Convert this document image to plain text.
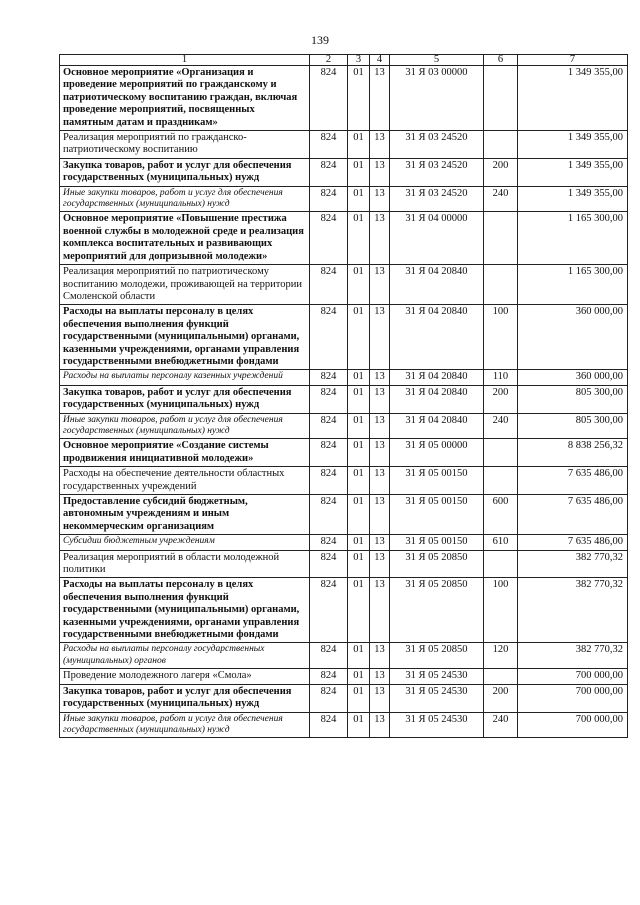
139
1	2	3	4	5	6	7
Основное мероприятие «Организация и проведение мероприятий по гражданскому и патриотическому воспитанию граждан, включая проведение мероприятий, посвященных памятным датам и праздникам»	824	01	13	31 Я 03 00000		1 349 355,00
Реализация мероприятий по гражданско-патриотическому воспитанию	824	01	13	31 Я 03 24520		1 349 355,00
Закупка товаров, работ и услуг для обеспечения государственных (муниципальных) нужд	824	01	13	31 Я 03 24520	200	1 349 355,00
Иные закупки товаров, работ и услуг для обеспечения государственных (муниципальных) нужд	824	01	13	31 Я 03 24520	240	1 349 355,00
Основное мероприятие «Повышение престижа военной службы в молодежной среде и реализация комплекса воспитательных и развивающих мероприятий для допризывной молодежи»	824	01	13	31 Я 04 00000		1 165 300,00
Реализация мероприятий по патриотическому воспитанию молодежи, проживающей на территории Смоленской области	824	01	13	31 Я 04 20840		1 165 300,00
Расходы на выплаты персоналу в целях обеспечения выполнения функций государственными (муниципальными) органами, казенными учреждениями, органами управления государственными внебюджетными фондами	824	01	13	31 Я 04 20840	100	360 000,00
Расходы на выплаты персоналу казенных учреждений	824	01	13	31 Я 04 20840	110	360 000,00
Закупка товаров, работ и услуг для обеспечения государственных (муниципальных) нужд	824	01	13	31 Я 04 20840	200	805 300,00
Иные закупки товаров, работ и услуг для обеспечения государственных (муниципальных) нужд	824	01	13	31 Я 04 20840	240	805 300,00
Основное мероприятие «Создание системы продвижения инициативной молодежи»	824	01	13	31 Я 05 00000		8 838 256,32
Расходы на обеспечение деятельности областных государственных учреждений	824	01	13	31 Я 05 00150		7 635 486,00
Предоставление субсидий бюджетным, автономным учреждениям и иным некоммерческим организациям	824	01	13	31 Я 05 00150	600	7 635 486,00
Субсидии бюджетным учреждениям	824	01	13	31 Я 05 00150	610	7 635 486,00
Реализация мероприятий в области молодежной политики	824	01	13	31 Я 05 20850		382 770,32
Расходы на выплаты персоналу в целях обеспечения выполнения функций государственными (муниципальными) органами, казенными учреждениями, органами управления государственными внебюджетными фондами	824	01	13	31 Я 05 20850	100	382 770,32
Расходы на выплаты персоналу государственных (муниципальных) органов	824	01	13	31 Я 05 20850	120	382 770,32
Проведение молодежного лагеря «Смола»	824	01	13	31 Я 05 24530		700 000,00
Закупка товаров, работ и услуг для обеспечения государственных (муниципальных) нужд	824	01	13	31 Я 05 24530	200	700 000,00
Иные закупки товаров, работ и услуг для обеспечения государственных (муниципальных) нужд	824	01	13	31 Я 05 24530	240	700 000,00
